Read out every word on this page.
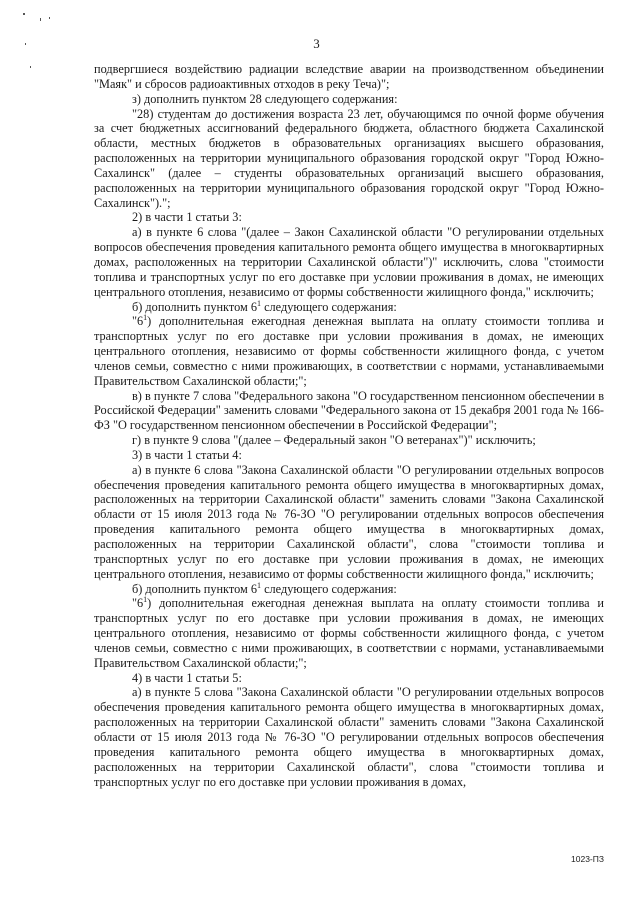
3

подвергшиеся воздействию радиации вследствие аварии на производственном объединении "Маяк" и сбросов радиоактивных отходов в реку Теча)";

з) дополнить пунктом 28 следующего содержания:

"28) студентам до достижения возраста 23 лет, обучающимся по очной форме обучения за счет бюджетных ассигнований федерального бюджета, областного бюджета Сахалинской области, местных бюджетов в образовательных организациях высшего образования, расположенных на территории муниципального образования городской округ "Город Южно-Сахалинск" (далее – студенты образовательных организаций высшего образования, расположенных на территории муниципального образования городской округ "Город Южно-Сахалинск").";

2) в части 1 статьи 3:

а) в пункте 6 слова "(далее – Закон Сахалинской области "О регулировании отдельных вопросов обеспечения проведения капитального ремонта общего имущества в многоквартирных домах, расположенных на территории Сахалинской области")" исключить, слова "стоимости топлива и транспортных услуг по его доставке при условии проживания в домах, не имеющих центрального отопления, независимо от формы собственности жилищного фонда," исключить;

б) дополнить пунктом $6^1$ следующего содержания:

"$6^1$) дополнительная ежегодная денежная выплата на оплату стоимости топлива и транспортных услуг по его доставке при условии проживания в домах, не имеющих центрального отопления, независимо от формы собственности жилищного фонда, с учетом членов семьи, совместно с ними проживающих, в соответствии с нормами, устанавливаемыми Правительством Сахалинской области;";

в) в пункте 7 слова "Федерального закона "О государственном пенсионном обеспечении в Российской Федерации" заменить словами "Федерального закона от 15 декабря 2001 года № 166-ФЗ "О государственном пенсионном обеспечении в Российской Федерации";

г) в пункте 9 слова "(далее – Федеральный закон "О ветеранах")" исключить;

3) в части 1 статьи 4:

а) в пункте 6 слова "Закона Сахалинской области "О регулировании отдельных вопросов обеспечения проведения капитального ремонта общего имущества в многоквартирных домах, расположенных на территории Сахалинской области" заменить словами "Закона Сахалинской области от 15 июля 2013 года № 76-ЗО "О регулировании отдельных вопросов обеспечения проведения капитального ремонта общего имущества в многоквартирных домах, расположенных на территории Сахалинской области", слова "стоимости топлива и транспортных услуг по его доставке при условии проживания в домах, не имеющих центрального отопления, независимо от формы собственности жилищного фонда," исключить;

б) дополнить пунктом $6^1$ следующего содержания:

"$6^1$) дополнительная ежегодная денежная выплата на оплату стоимости топлива и транспортных услуг по его доставке при условии проживания в домах, не имеющих центрального отопления, независимо от формы собственности жилищного фонда, с учетом членов семьи, совместно с ними проживающих, в соответствии с нормами, устанавливаемыми Правительством Сахалинской области;";

4) в части 1 статьи 5:

а) в пункте 5 слова "Закона Сахалинской области "О регулировании отдельных вопросов обеспечения проведения капитального ремонта общего имущества в многоквартирных домах, расположенных на территории Сахалинской области" заменить словами "Закона Сахалинской области от 15 июля 2013 года № 76-ЗО "О регулировании отдельных вопросов обеспечения проведения капитального ремонта общего имущества в многоквартирных домах, расположенных на территории Сахалинской области", слова "стоимости топлива и транспортных услуг по его доставке при условии проживания в домах,

1023-ПЗ
